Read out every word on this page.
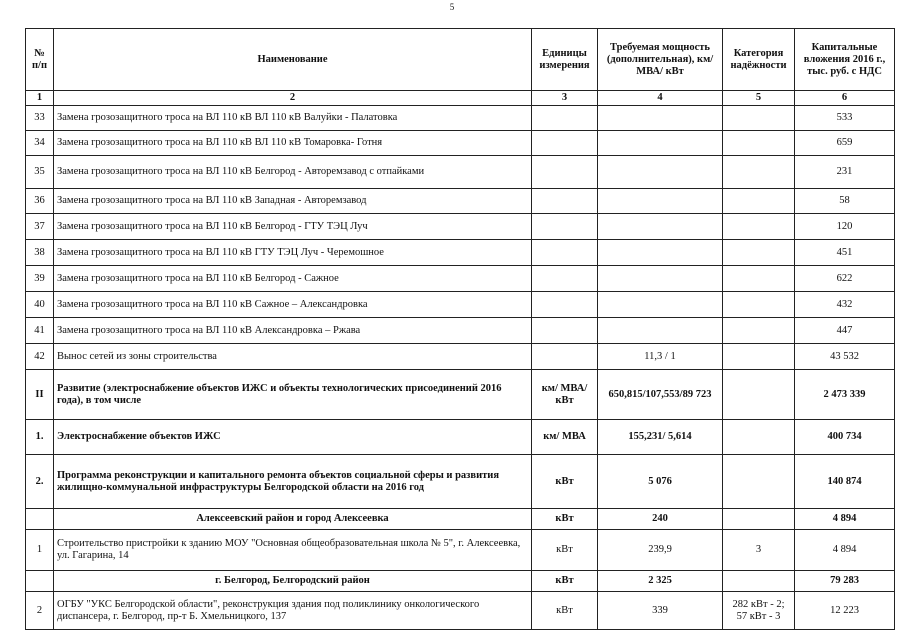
5
№ п/п	Наименование	Единицы измерения	Требуемая мощность (дополнительная), км/ МВА/ кВт	Категория надёжности	Капитальные вложения 2016 г., тыс. руб. с НДС
1	2	3	4	5	6
33	Замена грозозащитного троса на ВЛ 110 кВ ВЛ 110 кВ Валуйки - Палатовка				533
34	Замена грозозащитного троса на ВЛ 110 кВ ВЛ 110 кВ Томаровка- Готня				659
35	Замена грозозащитного троса на ВЛ 110 кВ Белгород - Авторемзавод с отпайками				231
36	Замена грозозащитного троса на ВЛ 110 кВ Западная - Авторемзавод				58
37	Замена грозозащитного троса на ВЛ 110 кВ Белгород - ГТУ ТЭЦ Луч				120
38	Замена грозозащитного троса на ВЛ 110 кВ ГТУ ТЭЦ Луч - Черемошное				451
39	Замена грозозащитного троса на ВЛ 110 кВ Белгород - Сажное				622
40	Замена грозозащитного троса на ВЛ 110 кВ Сажное – Александровка				432
41	Замена грозозащитного троса на ВЛ 110 кВ Александровка – Ржава				447
42	Вынос сетей из зоны строительства		11,3 / 1		43 532
II	Развитие (электроснабжение объектов ИЖС и объекты технологических присоединений 2016 года), в том числе	км/ МВА/ кВт	650,815/107,553/89 723		2 473 339
1.	Электроснабжение объектов ИЖС	км/ МВА	155,231/ 5,614		400 734
2.	Программа реконструкции и капитального ремонта объектов социальной сферы и развития жилищно-коммунальной инфраструктуры Белгородской области на 2016 год	кВт	5 076		140 874
	Алексеевский район и город Алексеевка	кВт	240		4 894
1	Строительство пристройки к зданию МОУ "Основная общеобразовательная школа № 5", г. Алексеевка, ул. Гагарина, 14	кВт	239,9	3	4 894
	г. Белгород, Белгородский район	кВт	2 325		79 283
2	ОГБУ "УКС Белгородской области", реконструкция здания под поликлинику онкологического диспансера, г. Белгород, пр-т Б. Хмельницкого, 137	кВт	339	282 кВт - 2; 57 кВт - 3	12 223
